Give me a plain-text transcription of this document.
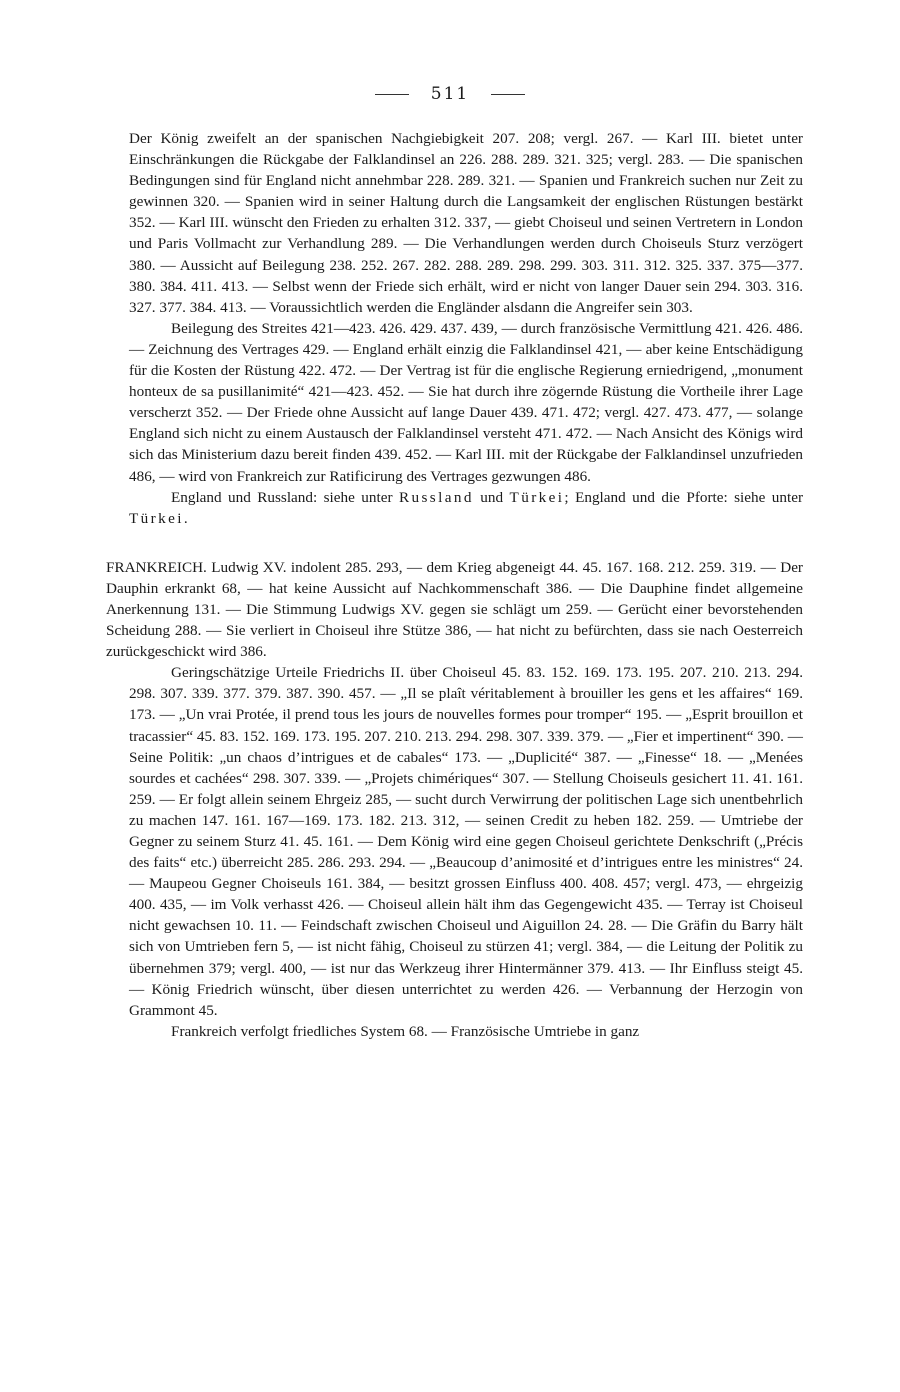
511

Der König zweifelt an der spanischen Nachgiebigkeit 207. 208; vergl. 267. — Karl III. bietet unter Einschränkungen die Rückgabe der Falklandinsel an 226. 288. 289. 321. 325; vergl. 283. — Die spanischen Bedingungen sind für England nicht annehmbar 228. 289. 321. — Spanien und Frankreich suchen nur Zeit zu gewinnen 320. — Spanien wird in seiner Haltung durch die Langsamkeit der englischen Rüstungen bestärkt 352. — Karl III. wünscht den Frieden zu erhalten 312. 337, — giebt Choiseul und seinen Vertretern in London und Paris Vollmacht zur Verhandlung 289. — Die Verhandlungen werden durch Choiseuls Sturz verzögert 380. — Aussicht auf Beilegung 238. 252. 267. 282. 288. 289. 298. 299. 303. 311. 312. 325. 337. 375—377. 380. 384. 411. 413. — Selbst wenn der Friede sich erhält, wird er nicht von langer Dauer sein 294. 303. 316. 327. 377. 384. 413. — Voraussichtlich werden die Engländer alsdann die Angreifer sein 303.

Beilegung des Streites 421—423. 426. 429. 437. 439, — durch französische Vermittlung 421. 426. 486. — Zeichnung des Vertrages 429. — England erhält einzig die Falklandinsel 421, — aber keine Entschädigung für die Kosten der Rüstung 422. 472. — Der Vertrag ist für die englische Regierung erniedrigend, „monument honteux de sa pusillanimité“ 421—423. 452. — Sie hat durch ihre zögernde Rüstung die Vortheile ihrer Lage verscherzt 352. — Der Friede ohne Aussicht auf lange Dauer 439. 471. 472; vergl. 427. 473. 477, — solange England sich nicht zu einem Austausch der Falklandinsel versteht 471. 472. — Nach Ansicht des Königs wird sich das Ministerium dazu bereit finden 439. 452. — Karl III. mit der Rückgabe der Falklandinsel unzufrieden 486, — wird von Frankreich zur Ratificirung des Vertrages gezwungen 486.

England und Russland: siehe unter Russland und Türkei; England und die Pforte: siehe unter Türkei.

FRANKREICH. Ludwig XV. indolent 285. 293, — dem Krieg abgeneigt 44. 45. 167. 168. 212. 259. 319. — Der Dauphin erkrankt 68, — hat keine Aussicht auf Nachkommenschaft 386. — Die Dauphine findet allgemeine Anerkennung 131. — Die Stimmung Ludwigs XV. gegen sie schlägt um 259. — Gerücht einer bevorstehenden Scheidung 288. — Sie verliert in Choiseul ihre Stütze 386, — hat nicht zu befürchten, dass sie nach Oesterreich zurückgeschickt wird 386.

Geringschätzige Urteile Friedrichs II. über Choiseul 45. 83. 152. 169. 173. 195. 207. 210. 213. 294. 298. 307. 339. 377. 379. 387. 390. 457. — „Il se plaît véritablement à brouiller les gens et les affaires“ 169. 173. — „Un vrai Protée, il prend tous les jours de nouvelles formes pour tromper“ 195. — „Esprit brouillon et tracassier“ 45. 83. 152. 169. 173. 195. 207. 210. 213. 294. 298. 307. 339. 379. — „Fier et impertinent“ 390. — Seine Politik: „un chaos d’intrigues et de cabales“ 173. — „Duplicité“ 387. — „Finesse“ 18. — „Menées sourdes et cachées“ 298. 307. 339. — „Projets chimériques“ 307. — Stellung Choiseuls gesichert 11. 41. 161. 259. — Er folgt allein seinem Ehrgeiz 285, — sucht durch Verwirrung der politischen Lage sich unentbehrlich zu machen 147. 161. 167—169. 173. 182. 213. 312, — seinen Credit zu heben 182. 259. — Umtriebe der Gegner zu seinem Sturz 41. 45. 161. — Dem König wird eine gegen Choiseul gerichtete Denkschrift („Précis des faits“ etc.) überreicht 285. 286. 293. 294. — „Beaucoup d’animosité et d’intrigues entre les ministres“ 24. — Maupeou Gegner Choiseuls 161. 384, — besitzt grossen Einfluss 400. 408. 457; vergl. 473, — ehrgeizig 400. 435, — im Volk verhasst 426. — Choiseul allein hält ihm das Gegengewicht 435. — Terray ist Choiseul nicht gewachsen 10. 11. — Feindschaft zwischen Choiseul und Aiguillon 24. 28. — Die Gräfin du Barry hält sich von Umtrieben fern 5, — ist nicht fähig, Choiseul zu stürzen 41; vergl. 384, — die Leitung der Politik zu übernehmen 379; vergl. 400, — ist nur das Werkzeug ihrer Hintermänner 379. 413. — Ihr Einfluss steigt 45. — König Friedrich wünscht, über diesen unterrichtet zu werden 426. — Verbannung der Herzogin von Grammont 45.

Frankreich verfolgt friedliches System 68. — Französische Umtriebe in ganz
